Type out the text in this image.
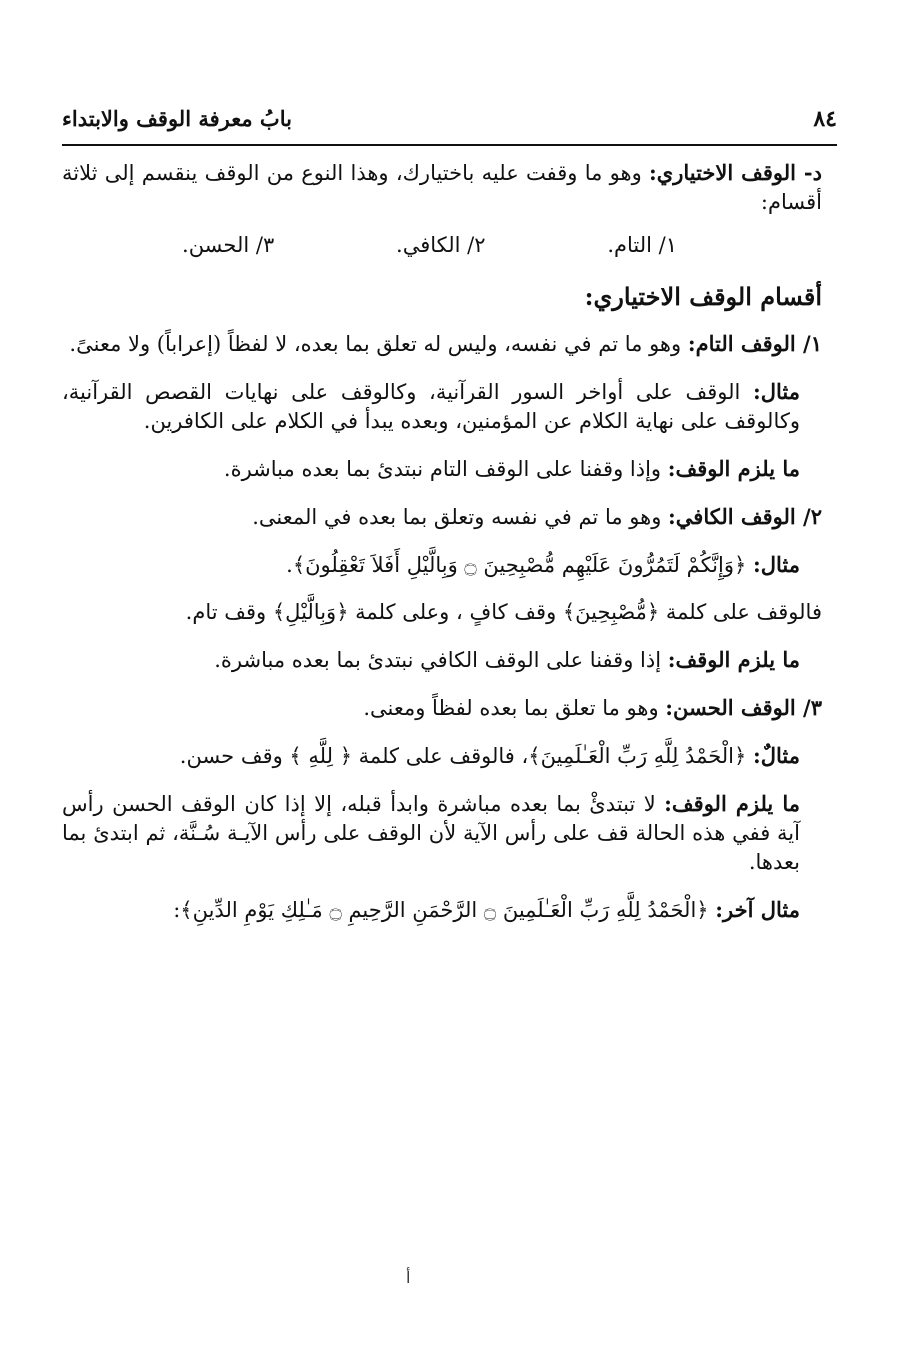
بابُ معرفة الوقف والابتداء	٨٤

د- الوقف الاختياري: وهو ما وقفت عليه باختيارك، وهذا النوع من الوقف ينقسم إلى ثلاثة أقسام:

١/ التام.
٢/ الكافي.
٣/ الحسن.

أقسام الوقف الاختياري:

١/ الوقف التام: وهو ما تم في نفسه، وليس له تعلق بما بعده، لا لفظاً (إعراباً) ولا معنىً.

مثال: الوقف على أواخر السور القرآنية، وكالوقف على نهايات القصص القرآنية، وكالوقف على نهاية الكلام عن المؤمنين، وبعده يبدأ في الكلام على الكافرين.

ما يلزم الوقف: وإذا وقفنا على الوقف التام نبتدئ بما بعده مباشرة.

٢/ الوقف الكافي: وهو ما تم في نفسه وتعلق بما بعده في المعنى.

مثال: ﴿وَإِنَّكُمْ لَتَمُرُّونَ عَلَيْهِم مُّصْبِحِينَ ۝ وَبِالَّيْلِ أَفَلاَ تَعْقِلُونَ﴾.

فالوقف على كلمة ﴿مُّصْبِحِينَ﴾ وقف كافٍ ، وعلى كلمة ﴿وَبِالَّيْلِ﴾ وقف تام.

ما يلزم الوقف: إذا وقفنا على الوقف الكافي نبتدئ بما بعده مباشرة.

٣/ الوقف الحسن: وهو ما تعلق بما بعده لفظاً ومعنى.

مثالٌ: ﴿الْحَمْدُ لِلَّهِ رَبِّ الْعَـٰلَمِينَ﴾، فالوقف على كلمة ﴿ لِلَّهِ ﴾ وقف حسن.

ما يلزم الوقف: لا تبتدئْ بما بعده مباشرة وابدأ قبله، إلا إذا كان الوقف الحسن رأس آية ففي هذه الحالة قف على رأس الآية لأن الوقف على رأس الآيـة سُـنَّة، ثم ابتدئ بما بعدها.

مثال آخر: ﴿الْحَمْدُ لِلَّهِ رَبِّ الْعَـٰلَمِينَ ۝ الرَّحْمَنِ الرَّحِيمِ ۝ مَـٰلِكِ يَوْمِ الدِّينِ﴾:

أ
